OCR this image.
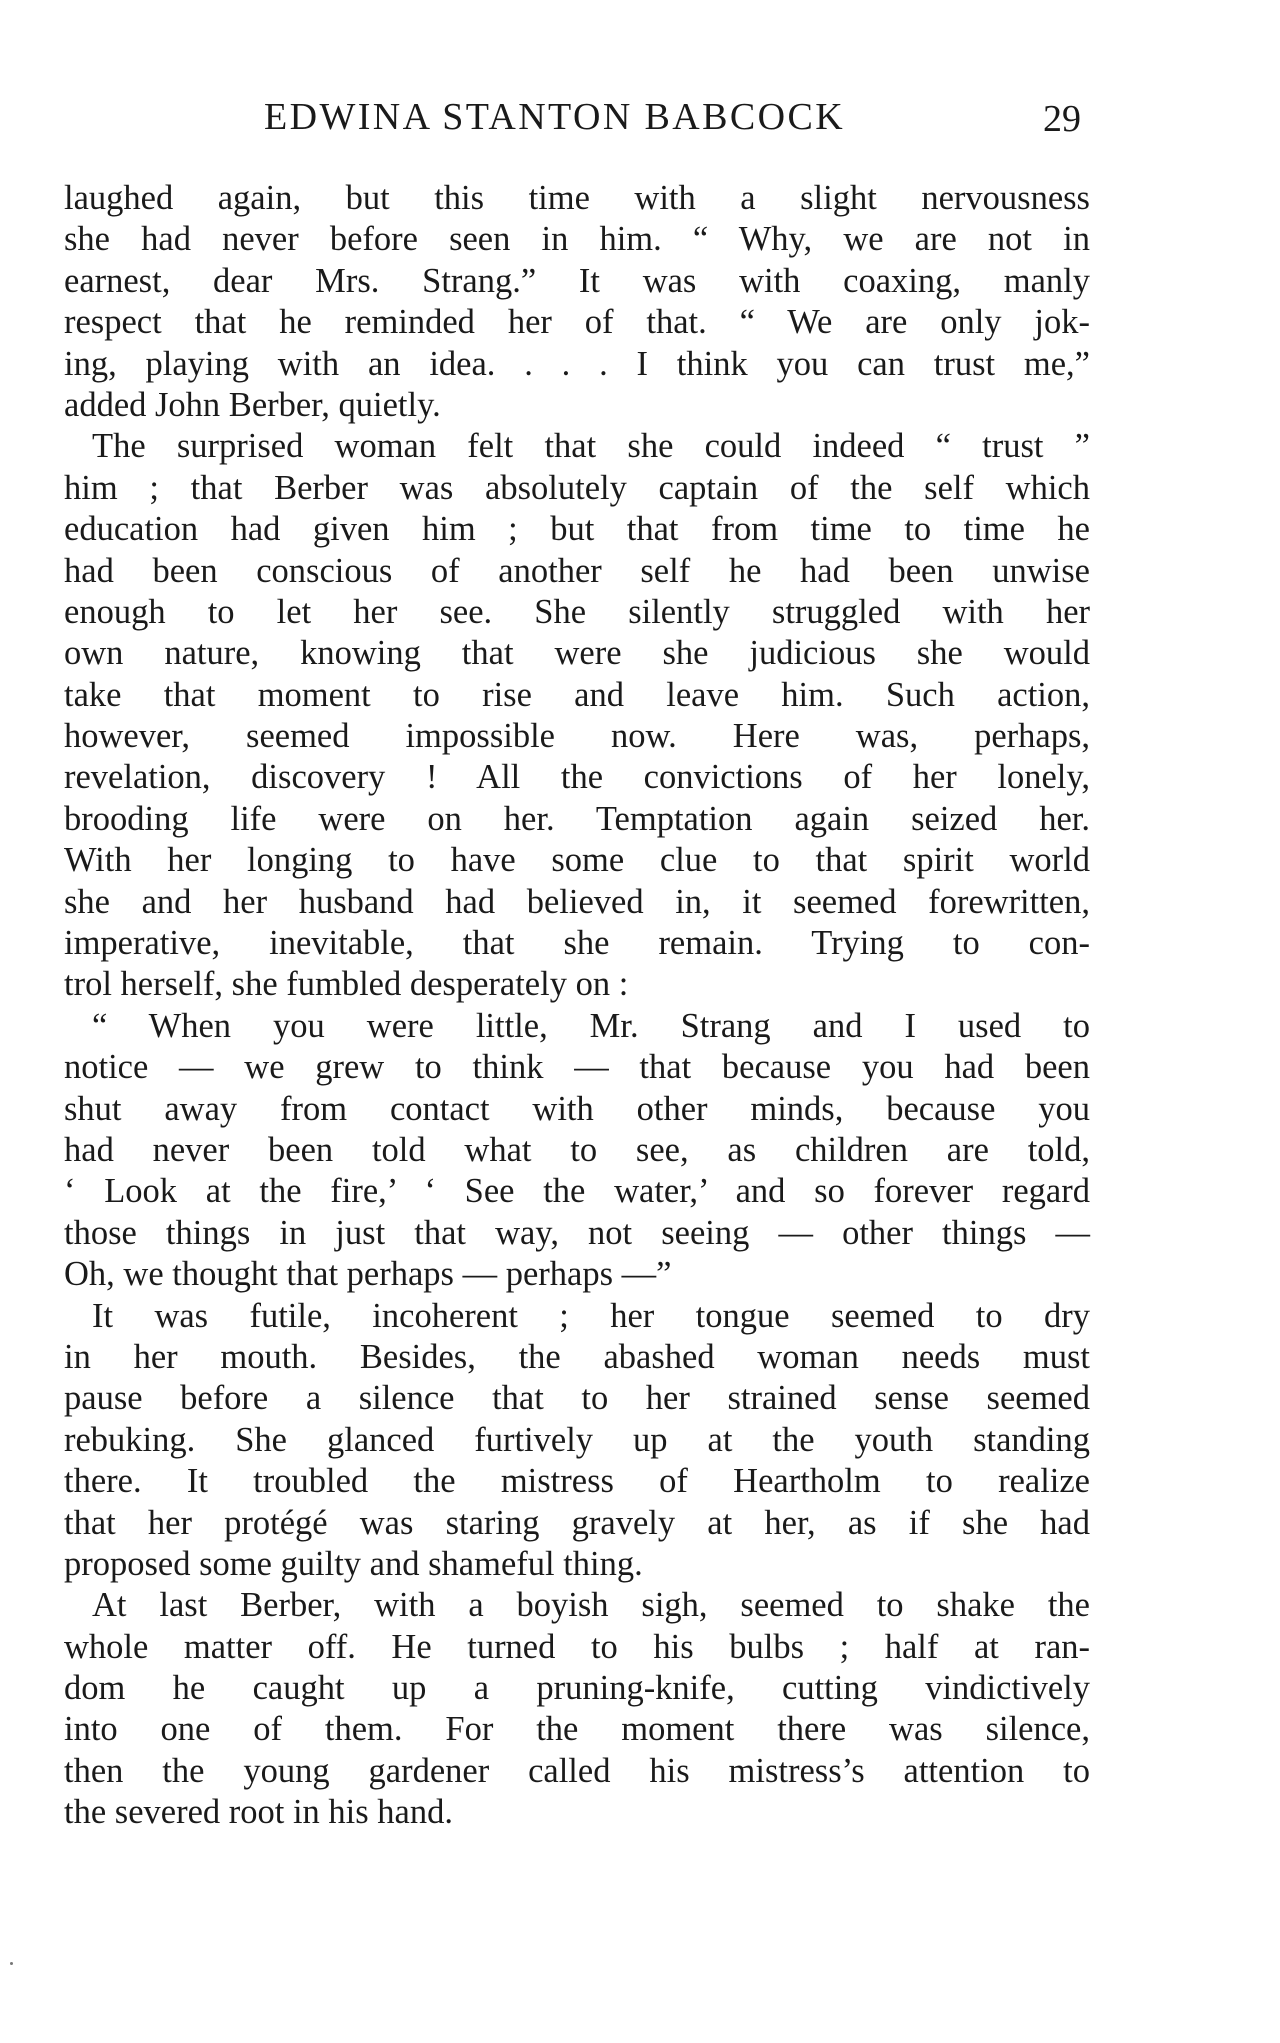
EDWINA STANTON BABCOCK	29
laughed again, but this time with a slight nervousness
she had never before seen in him. “ Why, we are not in
earnest, dear Mrs. Strang.” It was with coaxing, manly
respect that he reminded her of that. “ We are only jok-
ing, playing with an idea. . . . I think you can trust me,”
added John Berber, quietly.
The surprised woman felt that she could indeed “ trust ”
him ; that Berber was absolutely captain of the self which
education had given him ; but that from time to time he
had been conscious of another self he had been unwise
enough to let her see. She silently struggled with her
own nature, knowing that were she judicious she would
take that moment to rise and leave him. Such action,
however, seemed impossible now. Here was, perhaps,
revelation, discovery ! All the convictions of her lonely,
brooding life were on her. Temptation again seized her.
With her longing to have some clue to that spirit world
she and her husband had believed in, it seemed forewritten,
imperative, inevitable, that she remain. Trying to con-
trol herself, she fumbled desperately on :
“ When you were little, Mr. Strang and I used to
notice — we grew to think — that because you had been
shut away from contact with other minds, because you
had never been told what to see, as children are told,
‘ Look at the fire,’ ‘ See the water,’ and so forever regard
those things in just that way, not seeing — other things —
Oh, we thought that perhaps — perhaps —”
It was futile, incoherent ; her tongue seemed to dry
in her mouth. Besides, the abashed woman needs must
pause before a silence that to her strained sense seemed
rebuking. She glanced furtively up at the youth standing
there. It troubled the mistress of Heartholm to realize
that her protégé was staring gravely at her, as if she had
proposed some guilty and shameful thing.
At last Berber, with a boyish sigh, seemed to shake the
whole matter off. He turned to his bulbs ; half at ran-
dom he caught up a pruning-knife, cutting vindictively
into one of them. For the moment there was silence,
then the young gardener called his mistress’s attention to
the severed root in his hand.
